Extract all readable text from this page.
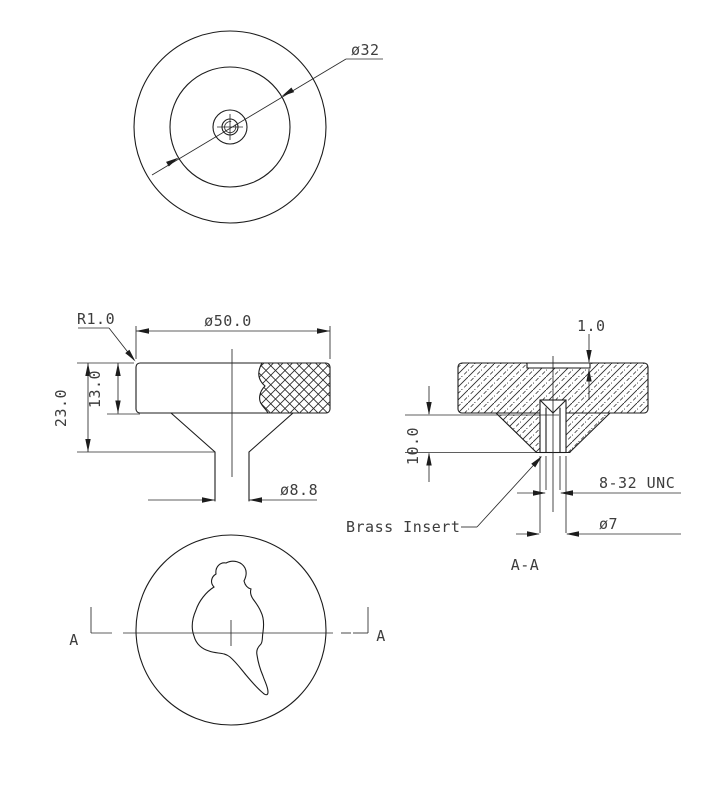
ø32
R1.0	ø50.0
23.0 13.0
ø8.8
1.0
10.0
8-32 UNC
ø7
Brass Insert
A-A
A	A
